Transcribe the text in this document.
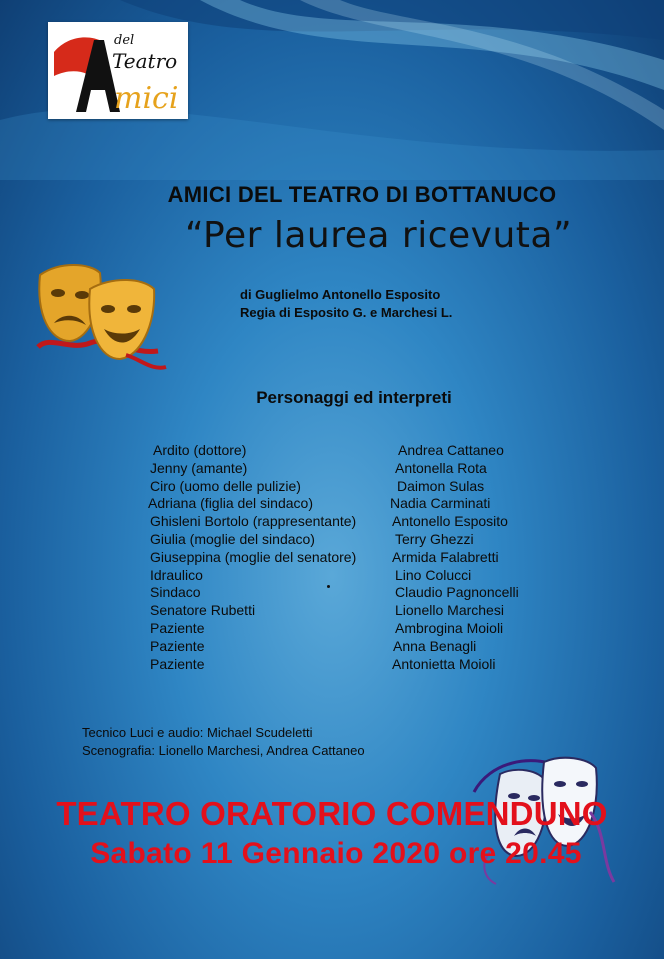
del
Teatro
mici
AMICI DEL TEATRO DI BOTTANUCO
“Per laurea ricevuta”
di Guglielmo Antonello Esposito
Regia di Esposito G. e Marchesi L.
Personaggi ed interpreti
Ardito (dottore)	Andrea Cattaneo
Jenny (amante)	Antonella Rota
Ciro (uomo delle pulizie)	Daimon Sulas
Adriana (figlia del sindaco)	Nadia Carminati
Ghisleni Bortolo (rappresentante)	Antonello Esposito
Giulia (moglie del sindaco)	Terry Ghezzi
Giuseppina (moglie del senatore)	Armida Falabretti
Idraulico	Lino Colucci
Sindaco	Claudio Pagnoncelli
Senatore Rubetti	Lionello Marchesi
Paziente	Ambrogina Moioli
Paziente	Anna Benagli
Paziente	Antonietta Moioli
Tecnico Luci e audio: Michael Scudeletti
Scenografia: Lionello Marchesi, Andrea Cattaneo
TEATRO ORATORIO COMENDUNO
Sabato 11 Gennaio 2020 ore 20.45
